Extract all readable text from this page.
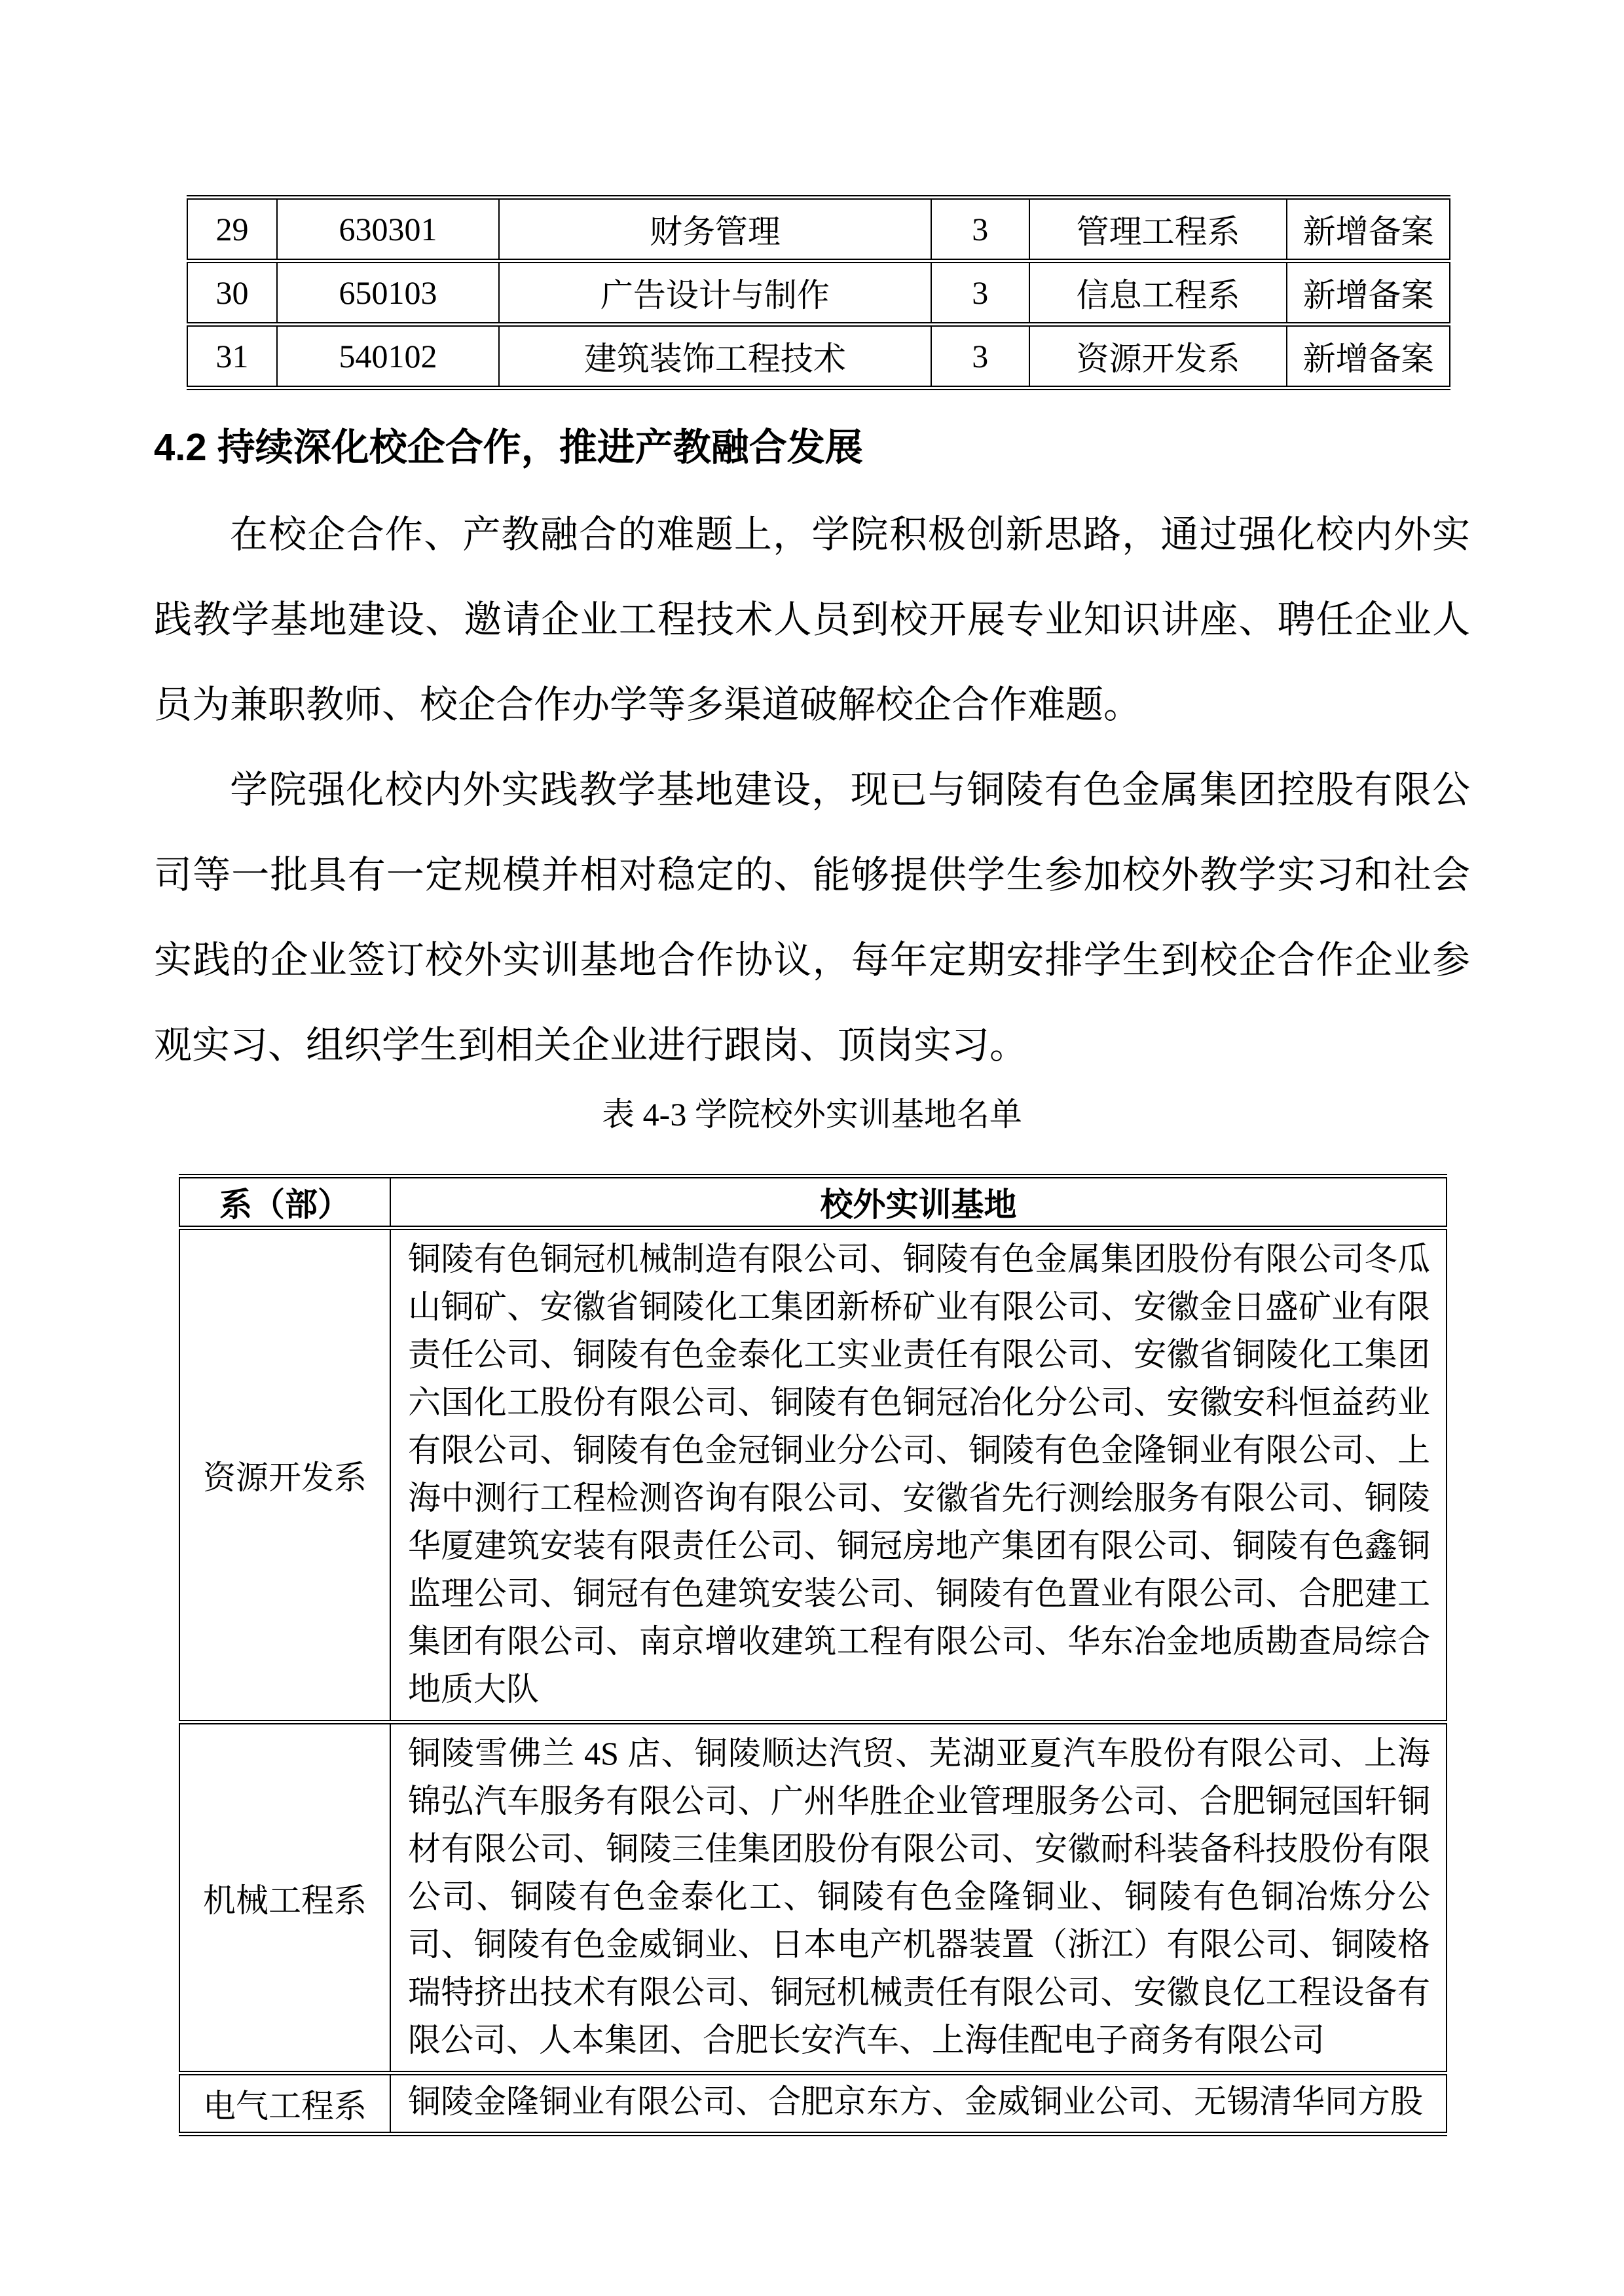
29	630301	财务管理	3	管理工程系	新增备案
30	650103	广告设计与制作	3	信息工程系	新增备案
31	540102	建筑装饰工程技术	3	资源开发系	新增备案
4.2 持续深化校企合作，推进产教融合发展

在校企合作、产教融合的难题上，学院积极创新思路，通过强化校内外实践教学基地建设、邀请企业工程技术人员到校开展专业知识讲座、聘任企业人员为兼职教师、校企合作办学等多渠道破解校企合作难题。

学院强化校内外实践教学基地建设，现已与铜陵有色金属集团控股有限公司等一批具有一定规模并相对稳定的、能够提供学生参加校外教学实习和社会实践的企业签订校外实训基地合作协议，每年定期安排学生到校企合作企业参观实习、组织学生到相关企业进行跟岗、顶岗实习。

表 4-3 学院校外实训基地名单
系（部）	校外实训基地
资源开发系	铜陵有色铜冠机械制造有限公司、铜陵有色金属集团股份有限公司冬瓜山铜矿、安徽省铜陵化工集团新桥矿业有限公司、安徽金日盛矿业有限责任公司、铜陵有色金泰化工实业责任有限公司、安徽省铜陵化工集团六国化工股份有限公司、铜陵有色铜冠冶化分公司、安徽安科恒益药业有限公司、铜陵有色金冠铜业分公司、铜陵有色金隆铜业有限公司、上海中测行工程检测咨询有限公司、安徽省先行测绘服务有限公司、铜陵华厦建筑安装有限责任公司、铜冠房地产集团有限公司、铜陵有色鑫铜监理公司、铜冠有色建筑安装公司、铜陵有色置业有限公司、合肥建工集团有限公司、南京增收建筑工程有限公司、华东冶金地质勘查局综合地质大队
机械工程系	铜陵雪佛兰 4S 店、铜陵顺达汽贸、芜湖亚夏汽车股份有限公司、上海锦弘汽车服务有限公司、广州华胜企业管理服务公司、合肥铜冠国轩铜材有限公司、铜陵三佳集团股份有限公司、安徽耐科装备科技股份有限公司、铜陵有色金泰化工、铜陵有色金隆铜业、铜陵有色铜冶炼分公司、铜陵有色金威铜业、日本电产机器装置（浙江）有限公司、铜陵格瑞特挤出技术有限公司、铜冠机械责任有限公司、安徽良亿工程设备有限公司、人本集团、合肥长安汽车、上海佳配电子商务有限公司
电气工程系	铜陵金隆铜业有限公司、合肥京东方、金威铜业公司、无锡清华同方股
